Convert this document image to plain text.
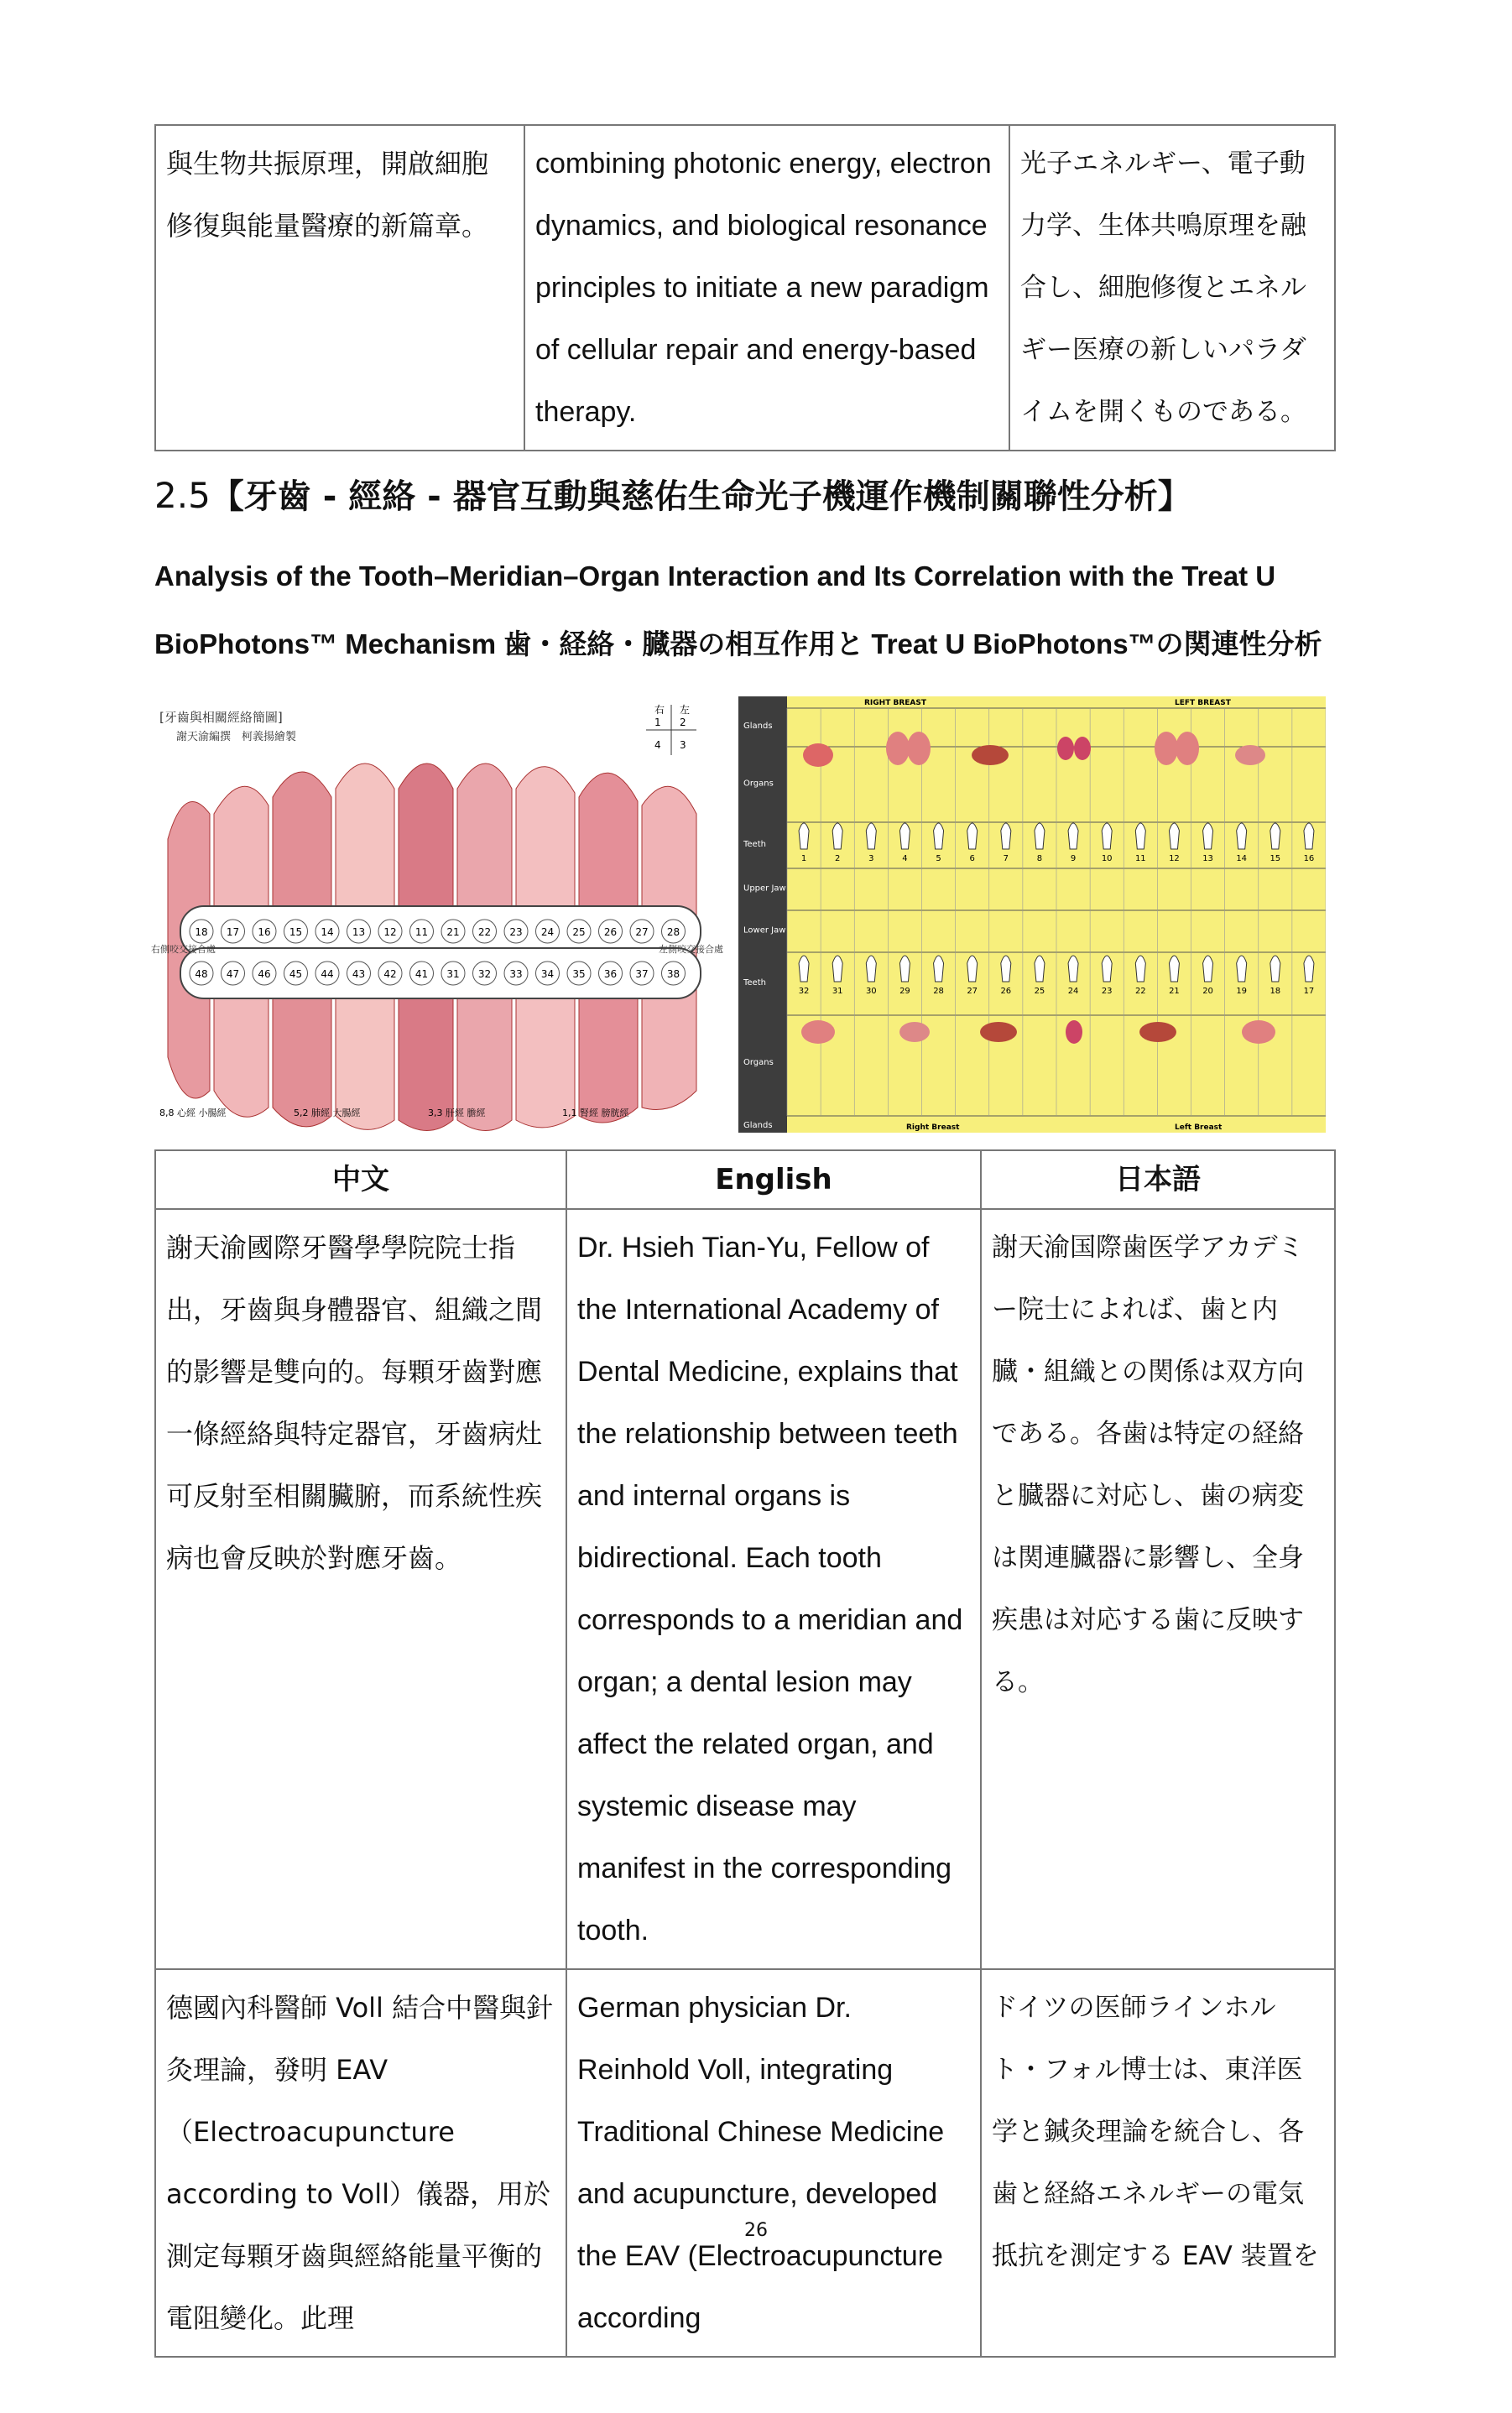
與生物共振原理，開啟細胞修復與能量醫療的新篇章。	combining photonic energy, electron dynamics, and biological resonance principles to initiate a new paradigm of cellular repair and energy-based therapy.	光子エネルギー、電子動力学、生体共鳴原理を融合し、細胞修復とエネルギー医療の新しいパラダイムを開くものである。
2.5【牙齒 - 經絡 - 器官互動與慈佑生命光子機運作機制關聯性分析】
Analysis of the Tooth–Meridian–Organ Interaction and Its Correlation with the Treat U
BioPhotons™ Mechanism 歯・経絡・臓器の相互作用と Treat U BioPhotons™の関連性分析
18 17 16 15 14 13 12 11 21 22 23 24 25 26 27 28
48 47 46 45 44 43 42 41 31 32 33 34 35 36 37 38
[牙齒與相關經絡簡圖]
謝天渝編撰　柯義揚繪製
右側咬交接合處	左側咬交接合處
右 左
1 2
4 3
8,8 心經 小腸經	5,2 肺經 大腸經	3,3 肝經 膽經	1,1 腎經 膀胱經
Glands
Organs
Teeth
Upper Jaw
Lower Jaw
Teeth
Organs
Glands
1	2	3	4	5	6	7	8	9	10	11	12	13	14	15	16
32	31	30	29	28	27	26	25	24	23	22	21	20	19	18	17
RIGHT BREAST	LEFT BREAST
Right Breast	Left Breast
中文	English	日本語
謝天渝國際牙醫學學院院士指出，牙齒與身體器官、組織之間的影響是雙向的。每顆牙齒對應一條經絡與特定器官，牙齒病灶可反射至相關臟腑，而系統性疾病也會反映於對應牙齒。	Dr. Hsieh Tian-Yu, Fellow of the International Academy of Dental Medicine, explains that the relationship between teeth and internal organs is bidirectional. Each tooth corresponds to a meridian and organ; a dental lesion may affect the related organ, and systemic disease may manifest in the corresponding tooth.	謝天渝国際歯医学アカデミー院士によれば、歯と内臓・組織との関係は双方向である。各歯は特定の経絡と臓器に対応し、歯の病変は関連臓器に影響し、全身疾患は対応する歯に反映する。
德國內科醫師 Voll 結合中醫與針灸理論，發明 EAV（Electroacupuncture according to Voll）儀器，用於測定每顆牙齒與經絡能量平衡的電阻變化。此理	German physician Dr. Reinhold Voll, integrating Traditional Chinese Medicine and acupuncture, developed the EAV (Electroacupuncture according	ドイツの医師ラインホルト・フォル博士は、東洋医学と鍼灸理論を統合し、各歯と経絡エネルギーの電気抵抗を測定する EAV 装置を
26
